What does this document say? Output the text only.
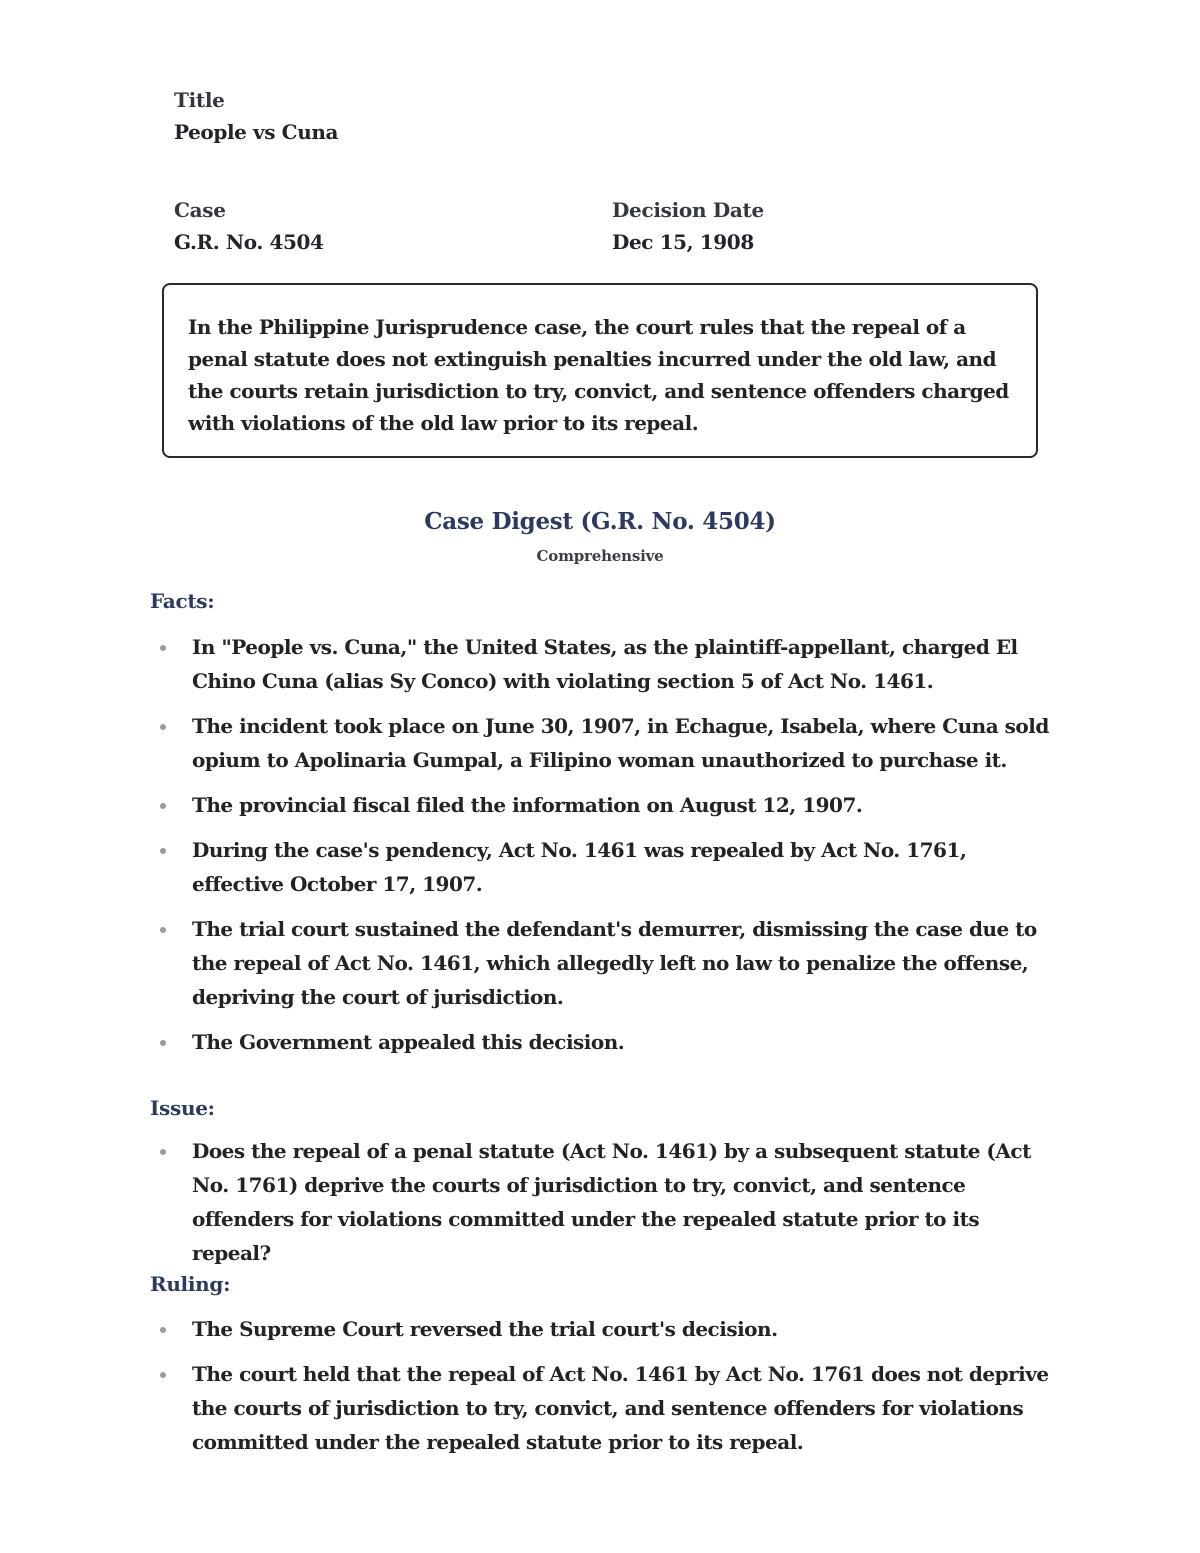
Title
People vs Cuna
Case
G.R. No. 4504
Decision Date
Dec 15, 1908
In the Philippine Jurisprudence case, the court rules that the repeal of a penal statute does not extinguish penalties incurred under the old law, and the courts retain jurisdiction to try, convict, and sentence offenders charged with violations of the old law prior to its repeal.
Case Digest (G.R. No. 4504)
Comprehensive
Facts:
In "People vs. Cuna," the United States, as the plaintiff-appellant, charged El Chino Cuna (alias Sy Conco) with violating section 5 of Act No. 1461.
The incident took place on June 30, 1907, in Echague, Isabela, where Cuna sold opium to Apolinaria Gumpal, a Filipino woman unauthorized to purchase it.
The provincial fiscal filed the information on August 12, 1907.
During the case's pendency, Act No. 1461 was repealed by Act No. 1761, effective October 17, 1907.
The trial court sustained the defendant's demurrer, dismissing the case due to the repeal of Act No. 1461, which allegedly left no law to penalize the offense, depriving the court of jurisdiction.
The Government appealed this decision.
Issue:
Does the repeal of a penal statute (Act No. 1461) by a subsequent statute (Act No. 1761) deprive the courts of jurisdiction to try, convict, and sentence offenders for violations committed under the repealed statute prior to its repeal?
Ruling:
The Supreme Court reversed the trial court's decision.
The court held that the repeal of Act No. 1461 by Act No. 1761 does not deprive the courts of jurisdiction to try, convict, and sentence offenders for violations committed under the repealed statute prior to its repeal.
